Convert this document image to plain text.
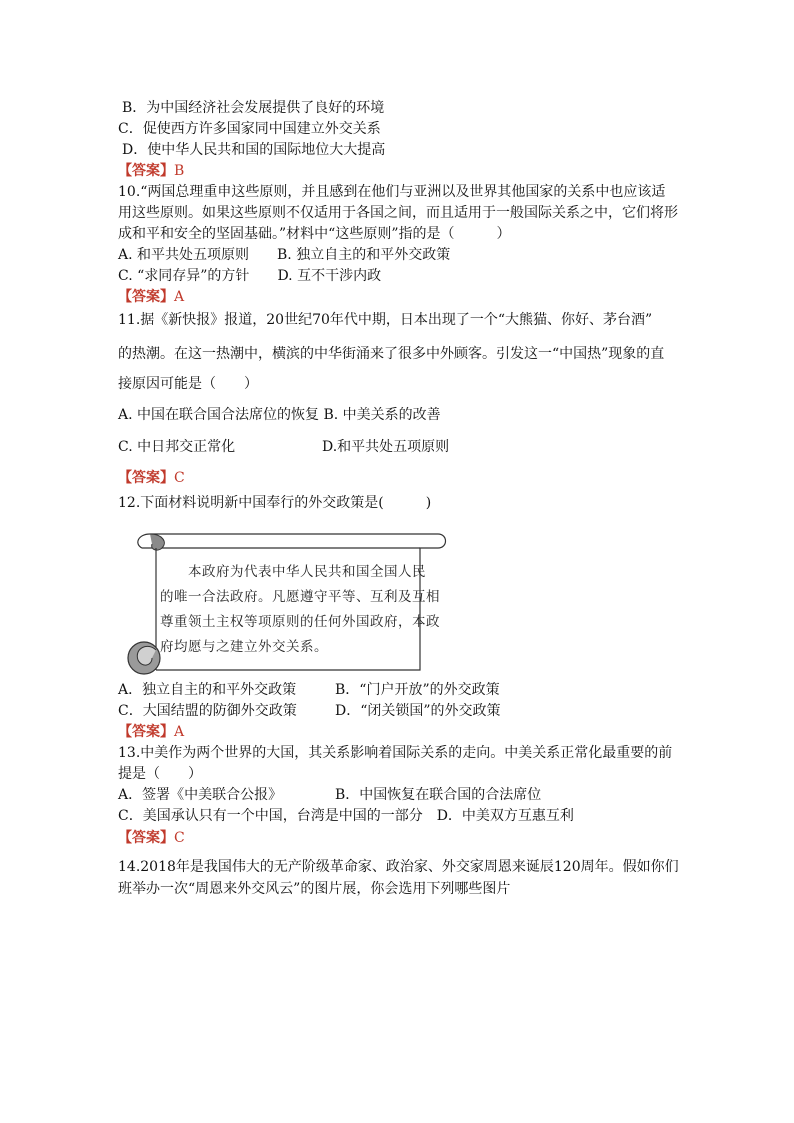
B．为中国经济社会发展提供了良好的环境
C．促使西方许多国家同中国建立外交关系
D．使中华人民共和国的国际地位大大提高
【答案】B
10.“两国总理重申这些原则，并且感到在他们与亚洲以及世界其他国家的关系中也应该适
用这些原则。如果这些原则不仅适用于各国之间，而且适用于一般国际关系之中，它们将形
成和平和安全的坚固基础。”材料中“这些原则”指的是（　　　）
A. 和平共处五项原则　　 B. 独立自主的和平外交政策
C. “求同存异”的方针　　 D. 互不干涉内政
【答案】A
11.据《新快报》报道，20世纪70年代中期，日本出现了一个“大熊猫、你好、茅台酒”
的热潮。在这一热潮中，横滨的中华街涌来了很多中外顾客。引发这一“中国热”现象的直
接原因可能是（　　）
A. 中国在联合国合法席位的恢复 B. 中美关系的改善
C. 中日邦交正常化	D.和平共处五项原则
【答案】C
12.下面材料说明新中国奉行的外交政策是(　　　)

　　本政府为代表中华人民共和国全国人民

的唯一合法政府。凡愿遵守平等、互利及互相

尊重领土主权等项原则的任何外国政府，本政

府均愿与之建立外交关系。

A．独立自主的和平外交政策	B．“门户开放”的外交政策
C．大国结盟的防御外交政策	D．“闭关锁国”的外交政策
【答案】A
13.中美作为两个世界的大国，其关系影响着国际关系的走向。中美关系正常化最重要的前
提是（　　）
A．签署《中美联合公报》	B．中国恢复在联合国的合法席位
C．美国承认只有一个中国，台湾是中国的一部分　D．中美双方互惠互利
【答案】C
14.2018年是我国伟大的无产阶级革命家、政治家、外交家周恩来诞辰120周年。假如你们
班举办一次“周恩来外交风云”的图片展，你会选用下列哪些图片
